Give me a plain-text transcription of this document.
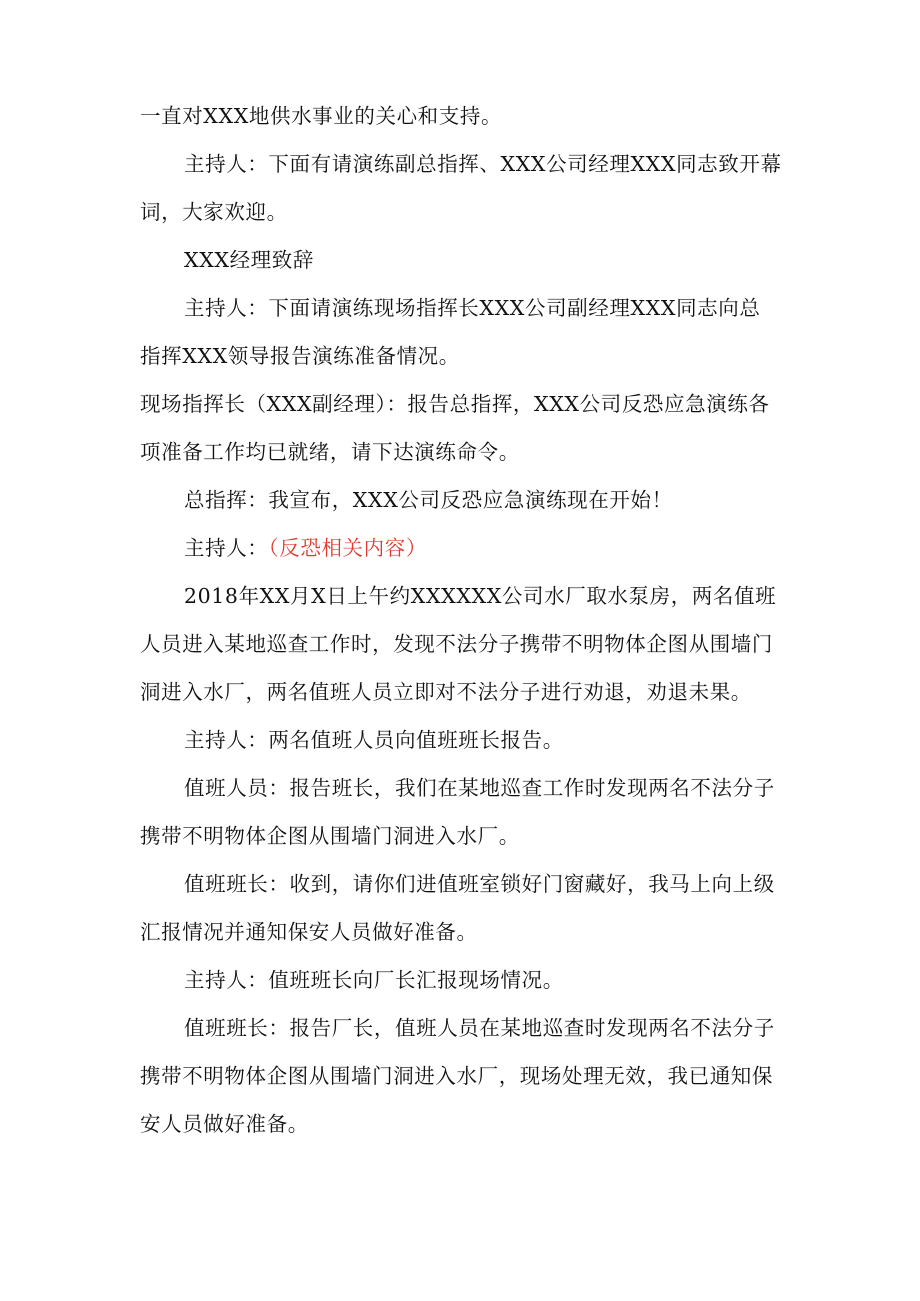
一直对XXX地供水事业的关心和支持。
主持人：下面有请演练副总指挥、XXX公司经理XXX同志致开幕
词，大家欢迎。
XXX经理致辞
主持人：下面请演练现场指挥长XXX公司副经理XXX同志向总
指挥XXX领导报告演练准备情况。
现场指挥长（XXX副经理）：报告总指挥，XXX公司反恐应急演练各
项准备工作均已就绪，请下达演练命令。
总指挥：我宣布，XXX公司反恐应急演练现在开始！
主持人：（反恐相关内容）
2018年XX月X日上午约XXXXXX公司水厂取水泵房，两名值班
人员进入某地巡查工作时，发现不法分子携带不明物体企图从围墙门
洞进入水厂，两名值班人员立即对不法分子进行劝退，劝退未果。
主持人：两名值班人员向值班班长报告。
值班人员：报告班长，我们在某地巡查工作时发现两名不法分子
携带不明物体企图从围墙门洞进入水厂。
值班班长：收到，请你们进值班室锁好门窗藏好，我马上向上级
汇报情况并通知保安人员做好准备。
主持人：值班班长向厂长汇报现场情况。
值班班长：报告厂长，值班人员在某地巡查时发现两名不法分子
携带不明物体企图从围墙门洞进入水厂，现场处理无效，我已通知保
安人员做好准备。
